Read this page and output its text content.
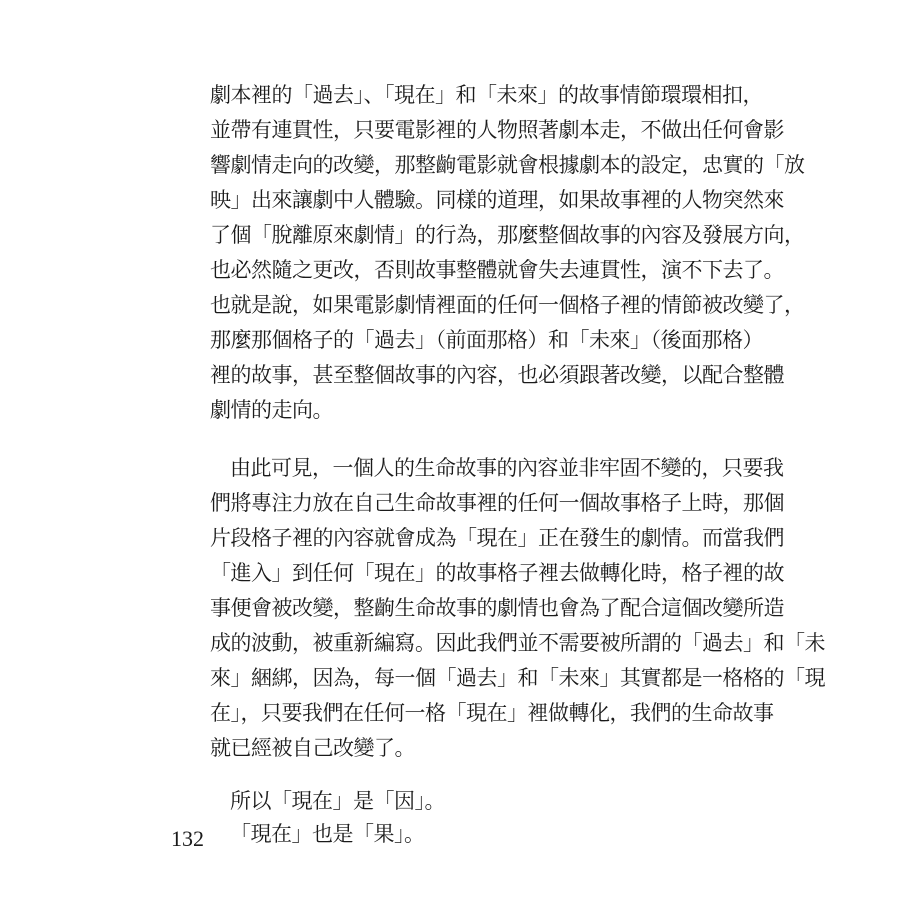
劇本裡的「過去」、「現在」和「未來」的故事情節環環相扣，
並帶有連貫性，只要電影裡的人物照著劇本走，不做出任何會影
響劇情走向的改變，那整齣電影就會根據劇本的設定，忠實的「放
映」出來讓劇中人體驗。同樣的道理，如果故事裡的人物突然來
了個「脫離原來劇情」的行為，那麼整個故事的內容及發展方向，
也必然隨之更改，否則故事整體就會失去連貫性，演不下去了。
也就是說，如果電影劇情裡面的任何一個格子裡的情節被改變了，
那麼那個格子的「過去」（前面那格）和「未來」（後面那格）
裡的故事，甚至整個故事的內容，也必須跟著改變，以配合整體
劇情的走向。
由此可見，一個人的生命故事的內容並非牢固不變的，只要我
們將專注力放在自己生命故事裡的任何一個故事格子上時，那個
片段格子裡的內容就會成為「現在」正在發生的劇情。而當我們
「進入」到任何「現在」的故事格子裡去做轉化時，格子裡的故
事便會被改變，整齣生命故事的劇情也會為了配合這個改變所造
成的波動，被重新編寫。因此我們並不需要被所謂的「過去」和「未
來」綑綁，因為，每一個「過去」和「未來」其實都是一格格的「現
在」，只要我們在任何一格「現在」裡做轉化，我們的生命故事
就已經被自己改變了。
所以「現在」是「因」。
「現在」也是「果」。
132
